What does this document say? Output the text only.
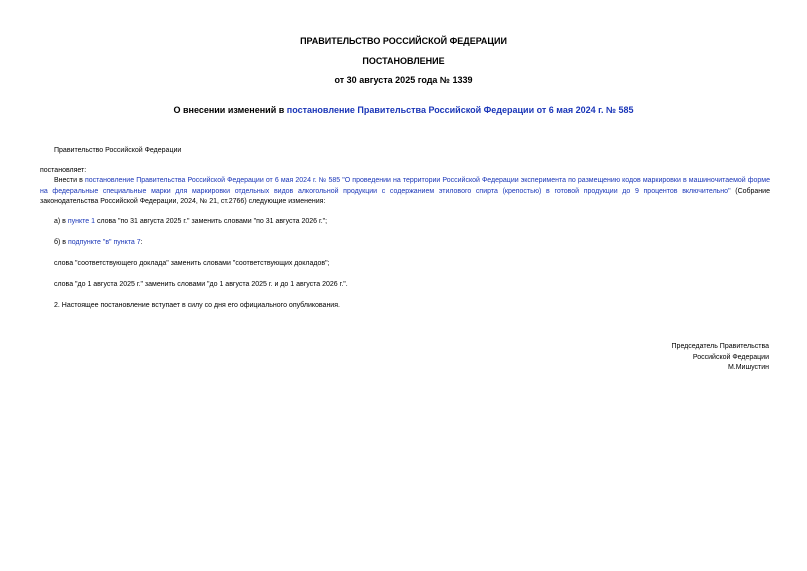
ПРАВИТЕЛЬСТВО РОССИЙСКОЙ ФЕДЕРАЦИИ
ПОСТАНОВЛЕНИЕ
от 30 августа 2025 года № 1339
О внесении изменений в постановление Правительства Российской Федерации от 6 мая 2024 г. № 585
Правительство Российской Федерации
постановляет:
Внести в постановление Правительства Российской Федерации от 6 мая 2024 г. № 585 "О проведении на территории Российской Федерации эксперимента по размещению кодов маркировки в машиночитаемой форме на федеральные специальные марки для маркировки отдельных видов алкогольной продукции с содержанием этилового спирта (крепостью) в готовой продукции до 9 процентов включительно" (Собрание законодательства Российской Федерации, 2024, № 21, ст.2766) следующие изменения:
а) в пункте 1 слова "по 31 августа 2025 г." заменить словами "по 31 августа 2026 г.";
б) в подпункте "в" пункта 7:
слова "соответствующего доклада" заменить словами "соответствующих докладов";
слова "до 1 августа 2025 г." заменить словами "до 1 августа 2025 г. и до 1 августа 2026 г.".
2. Настоящее постановление вступает в силу со дня его официального опубликования.
Председатель Правительства
Российской Федерации
М.Мишустин
